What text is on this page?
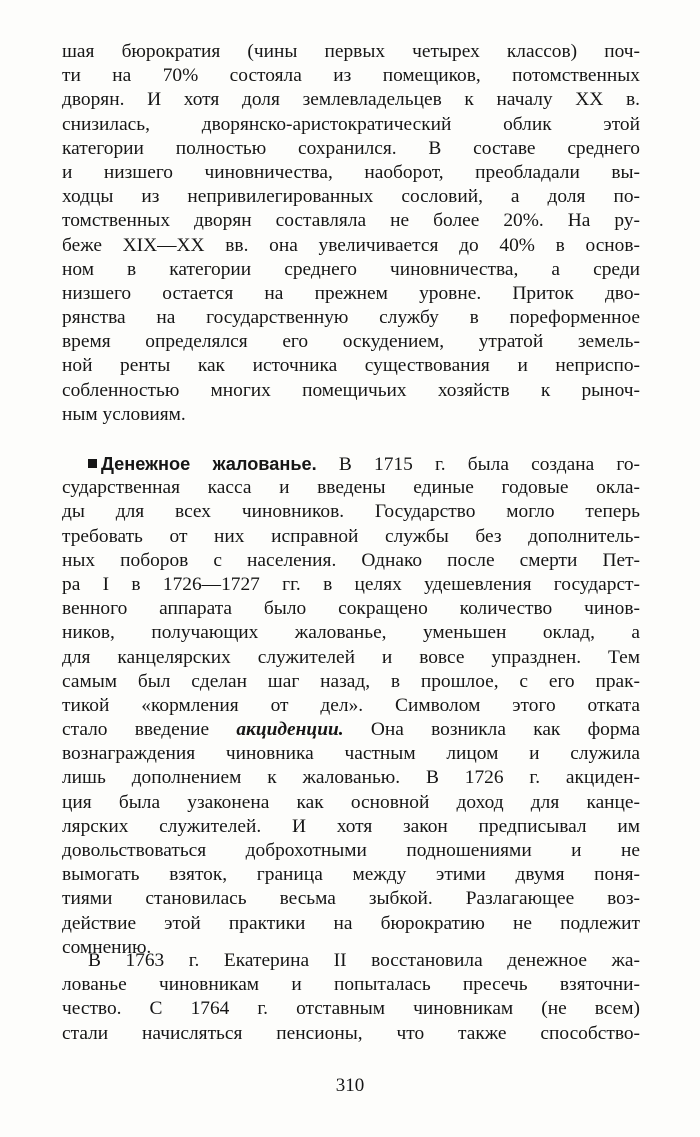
шая бюрократия (чины первых четырех классов) поч-
ти на 70% состояла из помещиков, потомственных
дворян. И хотя доля землевладельцев к началу XX в.
снизилась, дворянско-аристократический облик этой
категории полностью сохранился. В составе среднего
и низшего чиновничества, наоборот, преобладали вы-
ходцы из непривилегированных сословий, а доля по-
томственных дворян составляла не более 20%. На ру-
беже XIX—XX вв. она увеличивается до 40% в основ-
ном в категории среднего чиновничества, а среди
низшего остается на прежнем уровне. Приток дво-
рянства на государственную службу в пореформенное
время определялся его оскудением, утратой земель-
ной ренты как источника существования и неприспо-
собленностью многих помещичьих хозяйств к рыноч-
ным условиям.
Денежное жалованье. В 1715 г. была создана го-
сударственная касса и введены единые годовые окла-
ды для всех чиновников. Государство могло теперь
требовать от них исправной службы без дополнитель-
ных поборов с населения. Однако после смерти Пет-
ра I в 1726—1727 гг. в целях удешевления государст-
венного аппарата было сокращено количество чинов-
ников, получающих жалованье, уменьшен оклад, а
для канцелярских служителей и вовсе упразднен. Тем
самым был сделан шаг назад, в прошлое, с его прак-
тикой «кормления от дел». Символом этого отката
стало введение акциденции. Она возникла как форма
вознаграждения чиновника частным лицом и служила
лишь дополнением к жалованью. В 1726 г. акциден-
ция была узаконена как основной доход для канце-
лярских служителей. И хотя закон предписывал им
довольствоваться доброхотными подношениями и не
вымогать взяток, граница между этими двумя поня-
тиями становилась весьма зыбкой. Разлагающее воз-
действие этой практики на бюрократию не подлежит
сомнению.
В 1763 г. Екатерина II восстановила денежное жа-
лованье чиновникам и попыталась пресечь взяточни-
чество. С 1764 г. отставным чиновникам (не всем)
стали начисляться пенсионы, что также способство-
310
